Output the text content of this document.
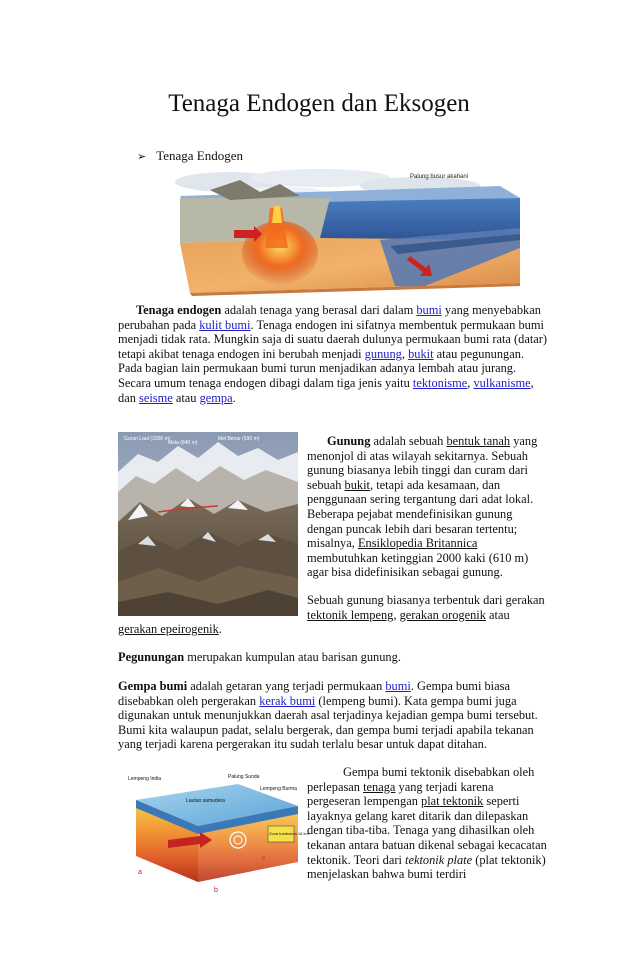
Tenaga Endogen dan Eksogen
➢ Tenaga Endogen
Palung busur akahani

Tenaga endogen adalah tenaga yang berasal dari dalam bumi yang menyebabkan perubahan pada kulit bumi. Tenaga endogen ini sifatnya membentuk permukaan bumi menjadi tidak rata. Mungkin saja di suatu daerah dulunya permukaan bumi rata (datar) tetapi akibat tenaga endogen ini berubah menjadi gunung, bukit atau pegunungan. Pada bagian lain permukaan bumi turun menjadikan adanya lembah atau jurang. Secara umum tenaga endogen dibagi dalam tiga jenis yaitu tektonisme, vulkanisme, dan seisme atau gempa.

Gurun Laut (3300 m)
Mela (640 m)
Mel Benar (590 m)	Gunung adalah sebuah bentuk tanah yang menonjol di atas wilayah sekitarnya. Sebuah gunung biasanya lebih tinggi dan curam dari sebuah bukit, tetapi ada kesamaan, dan penggunaan sering tergantung dari adat lokal. Beberapa pejabat mendefinisikan gunung dengan puncak lebih dari besaran tertentu; misalnya, Ensiklopedia Britannica membutuhkan ketinggian 2000 kaki (610 m) agar bisa didefinisikan sebagai gunung.

Sebuah gunung biasanya terbentuk dari gerakan tektonik lempeng, gerakan orogenik atau

gerakan epeirogenik.

Pegunungan merupakan kumpulan atau barisan gunung.

Gempa bumi adalah getaran yang terjadi permukaan bumi. Gempa bumi biasa disebabkan oleh pergerakan kerak bumi (lempeng bumi). Kata gempa bumi juga digunakan untuk menunjukkan daerah asal terjadinya kejadian gempa bumi tersebut. Bumi kita walaupun padat, selalu bergerak, dan gempa bumi terjadi apabila tekanan yang terjadi karena pergerakan itu sudah terlalu besar untuk dapat ditahan.

Lempeng India	Palung Sunda
Lempeng Burma
Lautan samudera
Zona tumbukan 18 km
a
b
c

Gempa bumi tektonik disebabkan oleh perlepasan tenaga yang terjadi karena pergeseran lempengan plat tektonik seperti layaknya gelang karet ditarik dan dilepaskan dengan tiba-tiba. Tenaga yang dihasilkan oleh tekanan antara batuan dikenal sebagai kecacatan tektonik. Teori dari tektonik plate (plat tektonik) menjelaskan bahwa bumi terdiri
